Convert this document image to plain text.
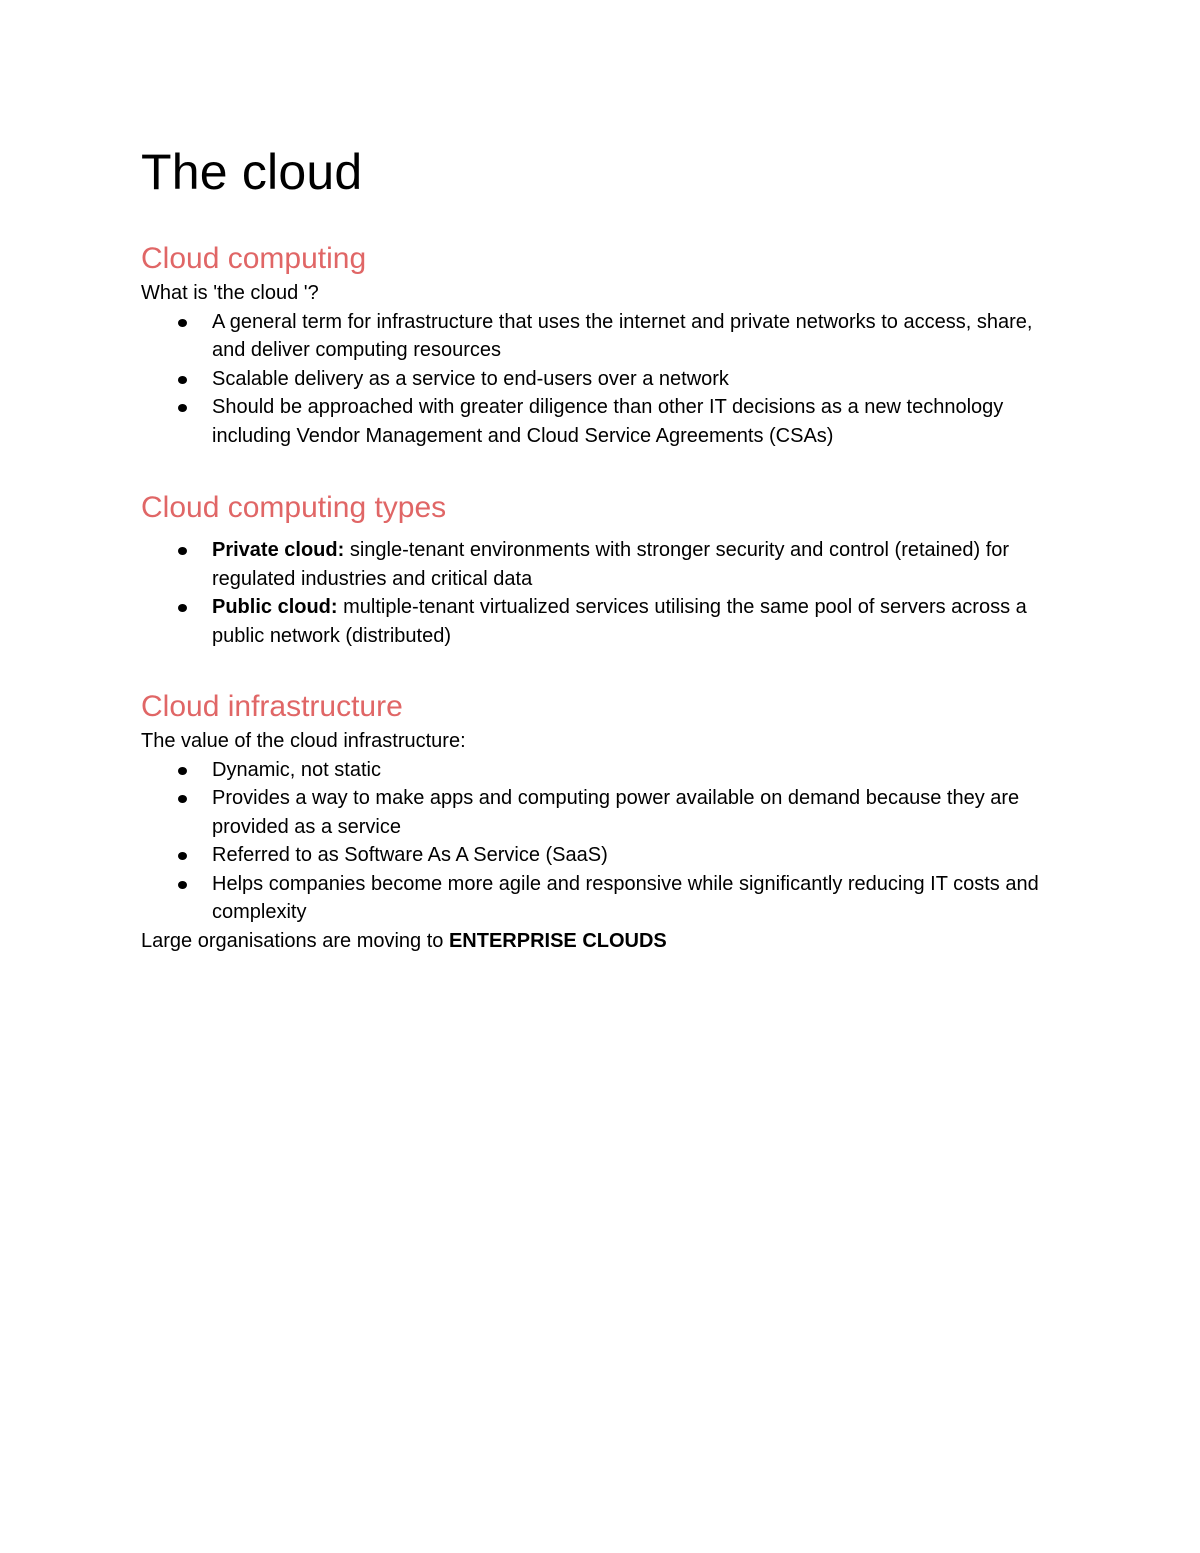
The cloud
Cloud computing

What is 'the cloud '?

A general term for infrastructure that uses the internet and private networks to access, share, and deliver computing resources
Scalable delivery as a service to end-users over a network
Should be approached with greater diligence than other IT decisions as a new technology including Vendor Management and Cloud Service Agreements (CSAs)
Cloud computing types
Private cloud: single-tenant environments with stronger security and control (retained) for regulated industries and critical data
Public cloud: multiple-tenant virtualized services utilising the same pool of servers across a public network (distributed)
Cloud infrastructure

The value of the cloud infrastructure:

Dynamic, not static
Provides a way to make apps and computing power available on demand because they are provided as a service
Referred to as Software As A Service (SaaS)
Helps companies become more agile and responsive while significantly reducing IT costs and complexity

Large organisations are moving to ENTERPRISE CLOUDS
